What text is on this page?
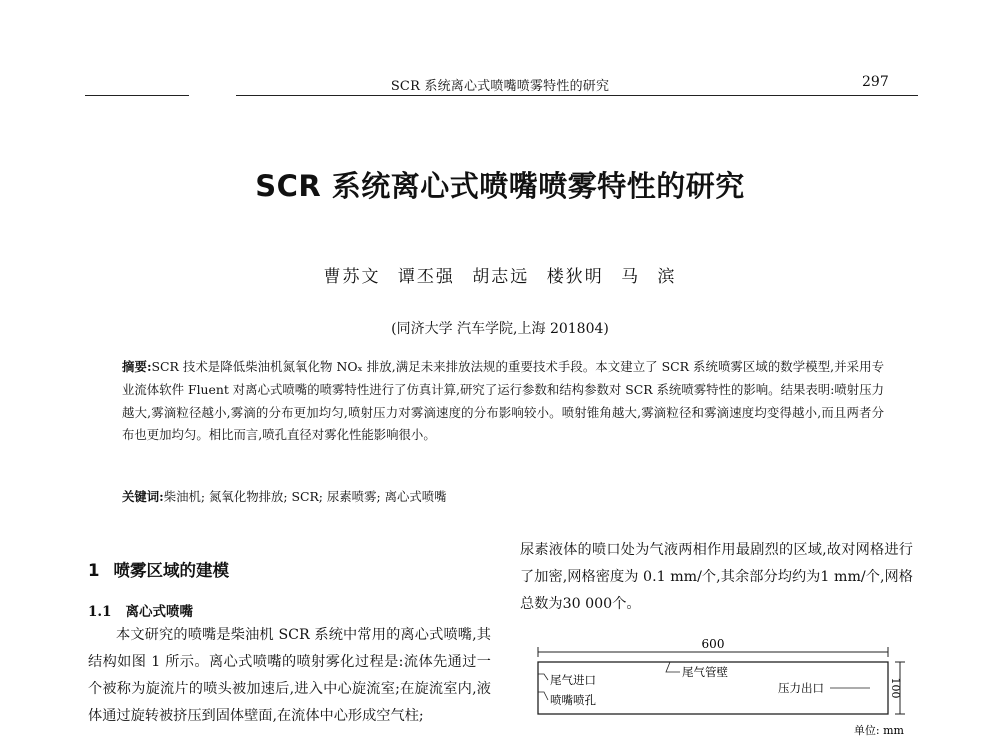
SCR 系统离心式喷嘴喷雾特性的研究	297
SCR 系统离心式喷嘴喷雾特性的研究
曹苏文 谭丕强 胡志远 楼狄明 马 滨
(同济大学 汽车学院,上海 201804)
摘要:SCR 技术是降低柴油机氮氧化物 NOₓ 排放,满足未来排放法规的重要技术手段。本文建立了 SCR 系统喷雾区域的数学模型,并采用专业流体软件 Fluent 对离心式喷嘴的喷雾特性进行了仿真计算,研究了运行参数和结构参数对 SCR 系统喷雾特性的影响。结果表明:喷射压力越大,雾滴粒径越小,雾滴的分布更加均匀,喷射压力对雾滴速度的分布影响较小。喷射锥角越大,雾滴粒径和雾滴速度均变得越小,而且两者分布也更加均匀。相比而言,喷孔直径对雾化性能影响很小。
关键词:柴油机; 氮氧化物排放; SCR; 尿素喷雾; 离心式喷嘴
1 喷雾区域的建模
1.1 离心式喷嘴

本文研究的喷嘴是柴油机 SCR 系统中常用的离心式喷嘴,其结构如图 1 所示。离心式喷嘴的喷射雾化过程是:流体先通过一个被称为旋流片的喷头被加速后,进入中心旋流室;在旋流室内,液体通过旋转被挤压到固体壁面,在流体中心形成空气柱;

尿素液体的喷口处为气液两相作用最剧烈的区域,故对网格进行了加密,网格密度为 0.1 mm/个,其余部分均约为1 mm/个,网格总数为30 000个。

600
100
尾气进口
喷嘴喷孔
尾气管壁
压力出口
单位: mm
